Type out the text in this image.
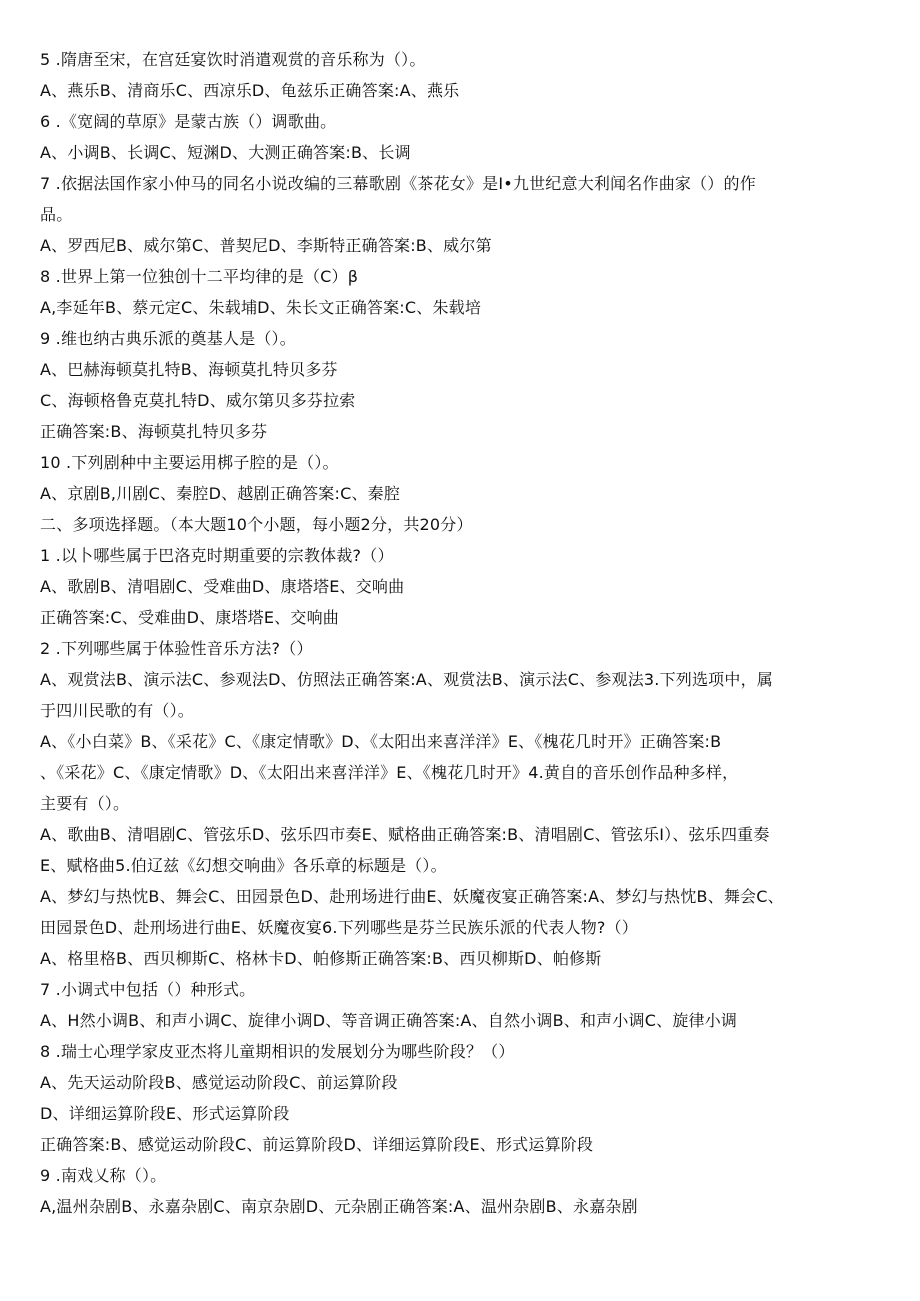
5 .隋唐至宋，在宫廷宴饮时消遣观赏的音乐称为（）。
A、燕乐B、清商乐C、西凉乐D、龟兹乐正确答案:A、燕乐
6 .《宽阔的草原》是蒙古族（）调歌曲。
A、小调B、长调C、短渊D、大测正确答案:B、长调
7 .依据法国作家小仲马的同名小说改编的三幕歌剧《茶花女》是I•九世纪意大利闻名作曲家（）的作
品。
A、罗西尼B、威尔第C、普契尼D、李斯特正确答案:B、威尔第
8 .世界上第一位独创十二平均律的是（C）β
A,李延年B、蔡元定C、朱载埔D、朱长文正确答案:C、朱载培
9 .维也纳古典乐派的奠基人是（）。
A、巴赫海顿莫扎特B、海顿莫扎特贝多芬
C、海顿格鲁克莫扎特D、威尔第贝多芬拉索
正确答案:B、海顿莫扎特贝多芬
10 .下列剧种中主要运用梆子腔的是（）。
A、京剧B,川剧C、秦腔D、越剧正确答案:C、秦腔
二、多项选择题。（本大题10个小题，每小题2分，共20分）
1 .以卜哪些属于巴洛克时期重要的宗教体裁?（）
A、歌剧B、清唱剧C、受难曲D、康塔塔E、交响曲
正确答案:C、受难曲D、康塔塔E、交响曲
2 .下列哪些属于体验性音乐方法?（）
A、观赏法B、演示法C、参观法D、仿照法正确答案:A、观赏法B、演示法C、参观法3.下列选项中，属
于四川民歌的有（）。
A、《小白菜》B、《采花》C、《康定情歌》D、《太阳出来喜洋洋》E、《槐花几时开》正确答案:B
、《采花》C、《康定情歌》D、《太阳出来喜洋洋》E、《槐花几时开》4.黄自的音乐创作品种多样，
主要有（）。
A、歌曲B、清唱剧C、管弦乐D、弦乐四市奏E、赋格曲正确答案:B、清唱剧C、管弦乐I）、弦乐四重奏
E、赋格曲5.伯辽兹《幻想交响曲》各乐章的标题是（）。
A、梦幻与热忱B、舞会C、田园景色D、赴刑场进行曲E、妖魔夜宴正确答案:A、梦幻与热忱B、舞会C、
田园景色D、赴刑场进行曲E、妖魔夜宴6.下列哪些是芬兰民族乐派的代表人物?（）
A、格里格B、西贝柳斯C、格林卡D、帕修斯正确答案:B、西贝柳斯D、帕修斯
7 .小调式中包括（）种形式。
A、H然小调B、和声小调C、旋律小调D、等音调正确答案:A、自然小调B、和声小调C、旋律小调
8 .瑞士心理学家皮亚杰将儿童期相识的发展划分为哪些阶段？（）
A、先天运动阶段B、感觉运动阶段C、前运算阶段
D、详细运算阶段E、形式运算阶段
正确答案:B、感觉运动阶段C、前运算阶段D、详细运算阶段E、形式运算阶段
9 .南戏乂称（）。
A,温州杂剧B、永嘉杂剧C、南京杂剧D、元杂剧正确答案:A、温州杂剧B、永嘉杂剧
